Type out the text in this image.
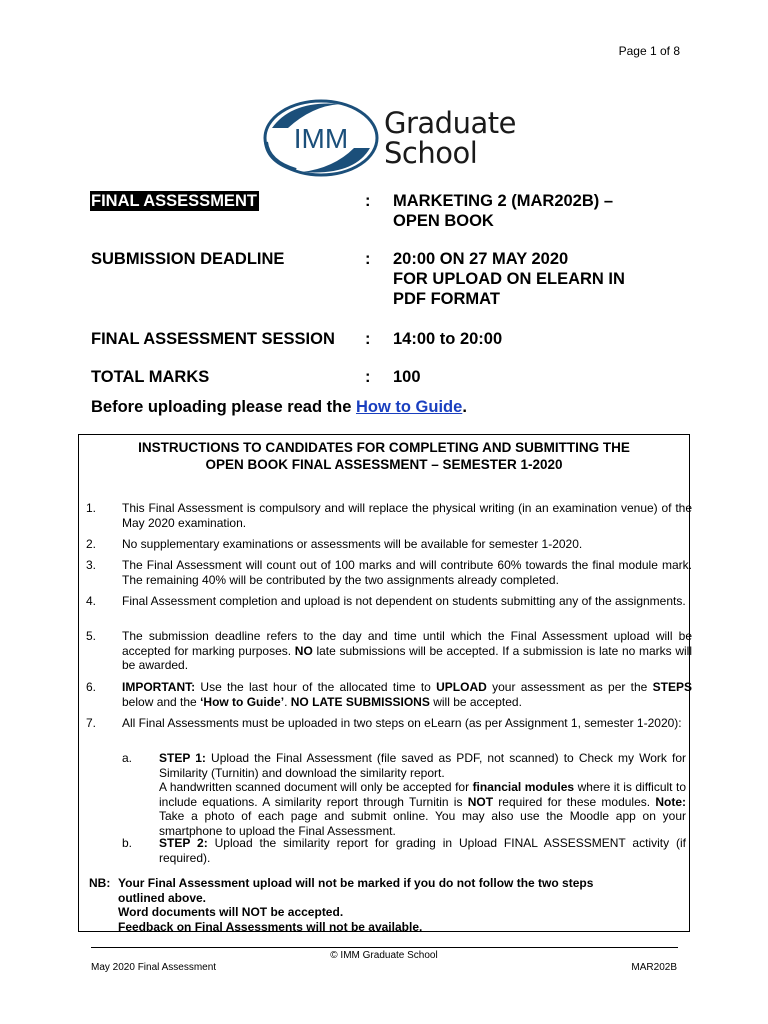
Page 1 of 8
IMM Graduate
School
FINAL ASSESSMENT	: MARKETING 2 (MAR202B) –
OPEN BOOK
SUBMISSION DEADLINE	: 20:00 ON 27 MAY 2020
FOR UPLOAD ON ELEARN IN
PDF FORMAT
FINAL ASSESSMENT SESSION : 14:00 to 20:00
TOTAL MARKS	: 100
Before uploading please read the How to Guide.
INSTRUCTIONS TO CANDIDATES FOR COMPLETING AND SUBMITTING THE
OPEN BOOK FINAL ASSESSMENT – SEMESTER 1-2020
1. This Final Assessment is compulsory and will replace the physical writing (in an examination venue) of the May 2020 examination.
2. No supplementary examinations or assessments will be available for semester 1-2020.
3. The Final Assessment will count out of 100 marks and will contribute 60% towards the final module mark. The remaining 40% will be contributed by the two assignments already completed.
4. Final Assessment completion and upload is not dependent on students submitting any of the assignments.
5. The submission deadline refers to the day and time until which the Final Assessment upload will be accepted for marking purposes. NO late submissions will be accepted. If a submission is late no marks will be awarded.
6. IMPORTANT: Use the last hour of the allocated time to UPLOAD your assessment as per the STEPS below and the ‘How to Guide’. NO LATE SUBMISSIONS will be accepted.
7. All Final Assessments must be uploaded in two steps on eLearn (as per Assignment 1, semester 1-2020):
a. STEP 1: Upload the Final Assessment (file saved as PDF, not scanned) to Check my Work for Similarity (Turnitin) and download the similarity report.
A handwritten scanned document will only be accepted for financial modules where it is difficult to include equations. A similarity report through Turnitin is NOT required for these modules. Note: Take a photo of each page and submit online. You may also use the Moodle app on your smartphone to upload the Final Assessment.
b. STEP 2: Upload the similarity report for grading in Upload FINAL ASSESSMENT activity (if required).
NB: Your Final Assessment upload will not be marked if you do not follow the two steps
outlined above.
Word documents will NOT be accepted.
Feedback on Final Assessments will not be available.
© IMM Graduate School
May 2020 Final Assessment	MAR202B
